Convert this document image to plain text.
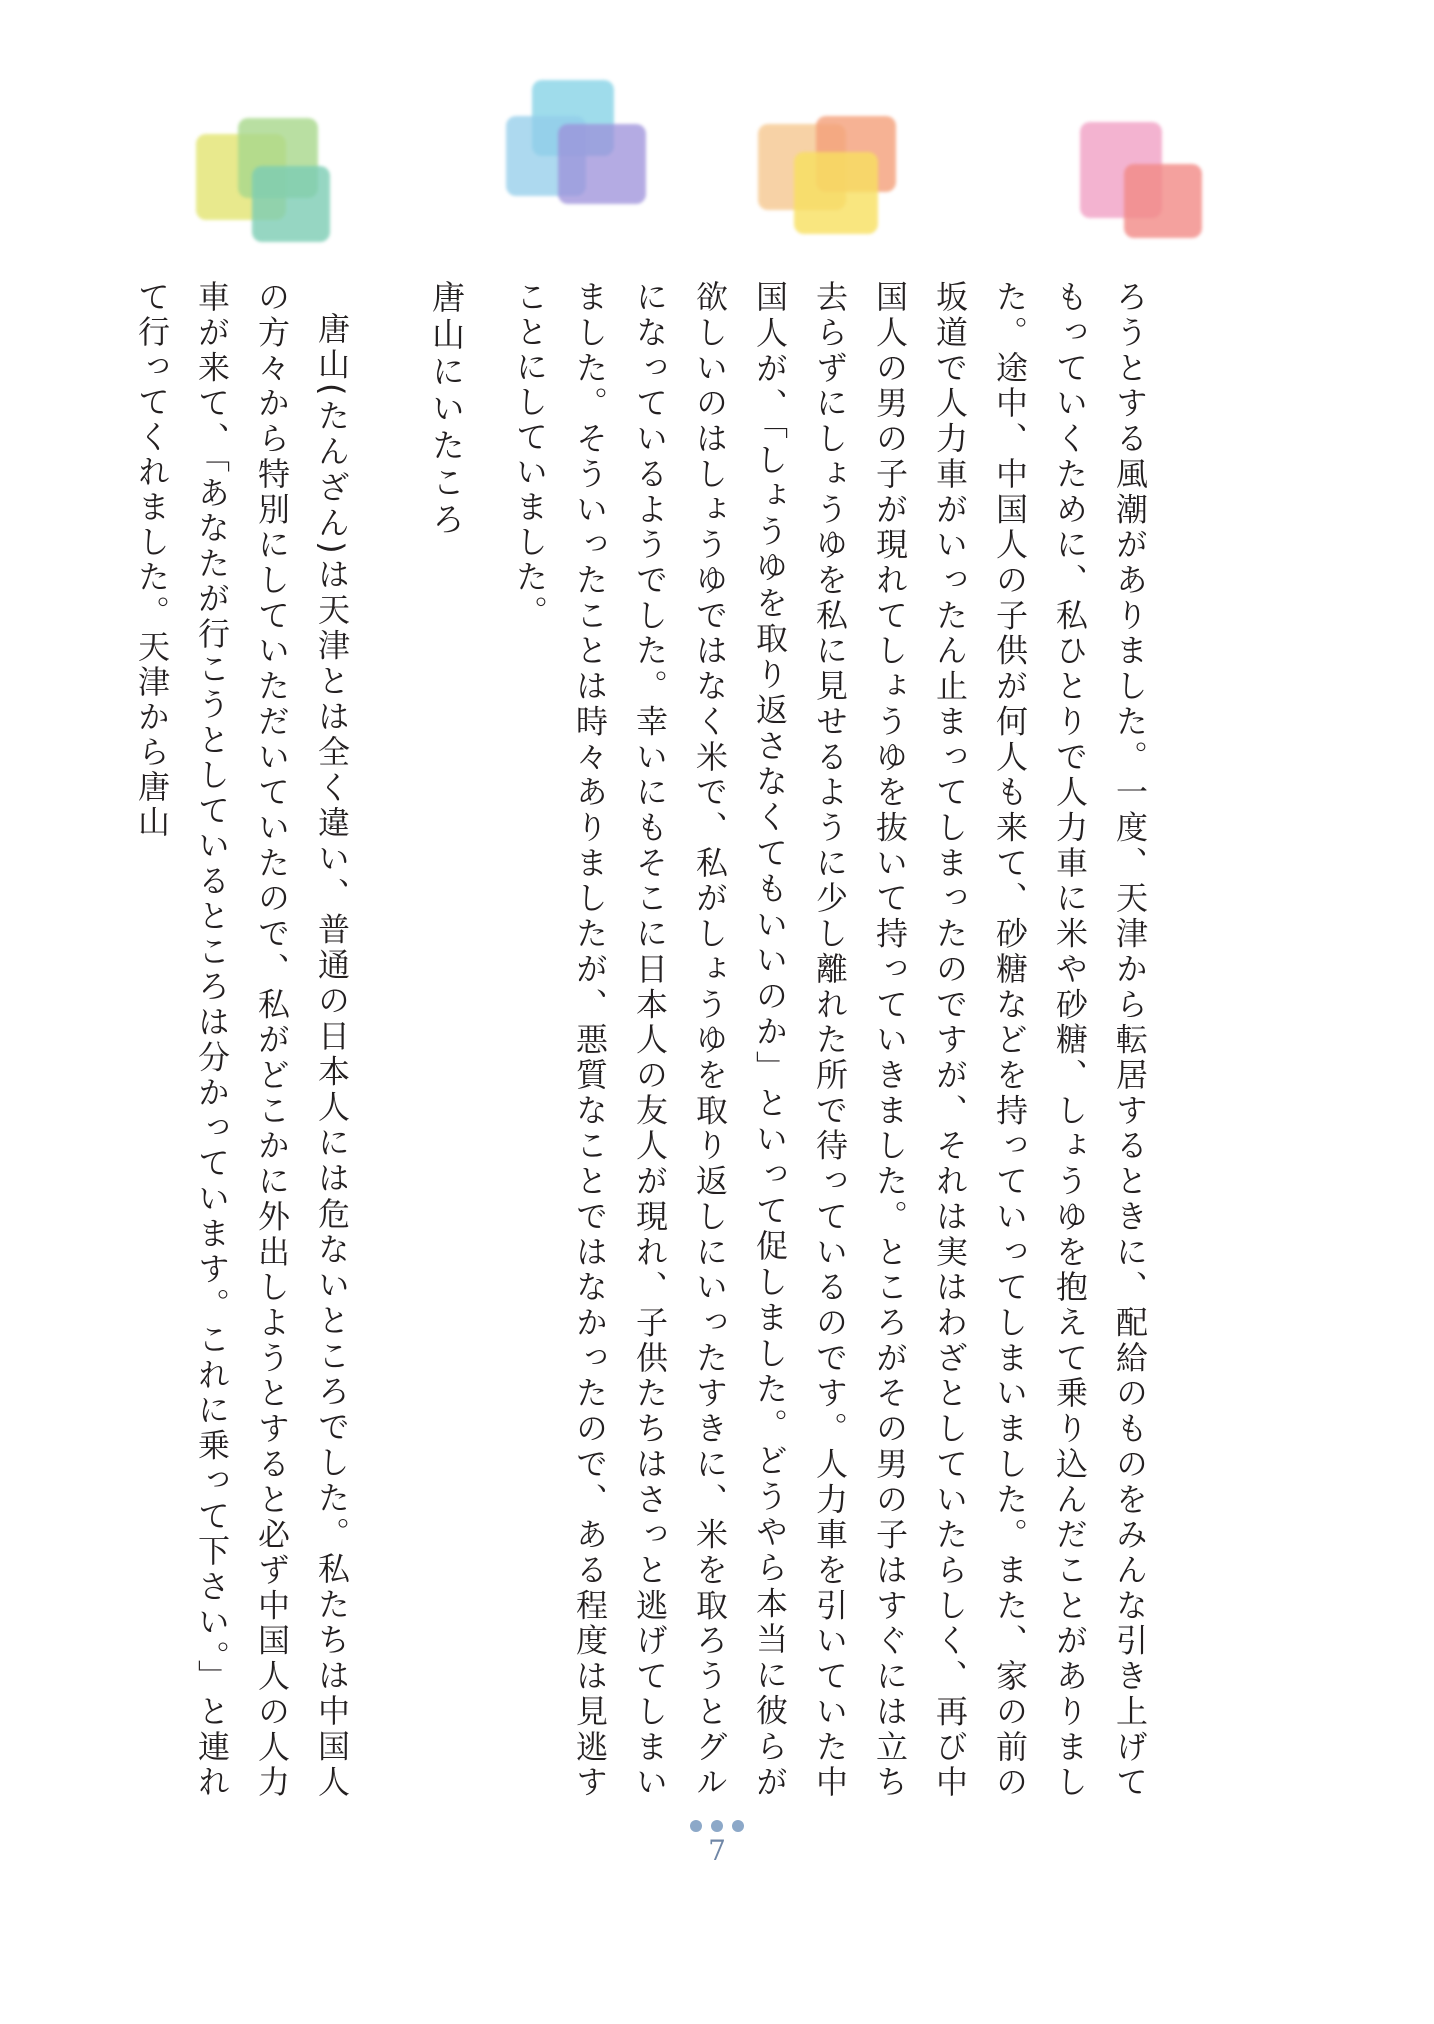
ろうとする風潮がありました。一度、天津から転居するときに、配給のものをみんな引き上げてもっていくために、私ひとりで人力車に米や砂糖、しょうゆを抱えて乗り込んだことがありました。途中、中国人の子供が何人も来て、砂糖などを持っていってしまいました。また、家の前の坂道で人力車がいったん止まってしまったのですが、それは実はわざとしていたらしく、再び中国人の男の子が現れてしょうゆを抜いて持っていきました。ところがその男の子はすぐには立ち去らずにしょうゆを私に見せるように少し離れた所で待っているのです。人力車を引いていた中国人が、「しょうゆを取り返さなくてもいいのか」といって促しました。どうやら本当に彼らが欲しいのはしょうゆではなく米で、私がしょうゆを取り返しにいったすきに、米を取ろうとグルになっているようでした。幸いにもそこに日本人の友人が現れ、子供たちはさっと逃げてしまいました。そういったことは時々ありましたが、悪質なことではなかったので、ある程度は見逃すことにしていました。

唐山にいたころ

唐山(たんざん)は天津とは全く違い、普通の日本人には危ないところでした。私たちは中国人の方々から特別にしていただいていたので、私がどこかに外出しようとすると必ず中国人の人力車が来て、「あなたが行こうとしているところは分かっています。これに乗って下さい。」と連れて行ってくれました。天津から唐山

7
